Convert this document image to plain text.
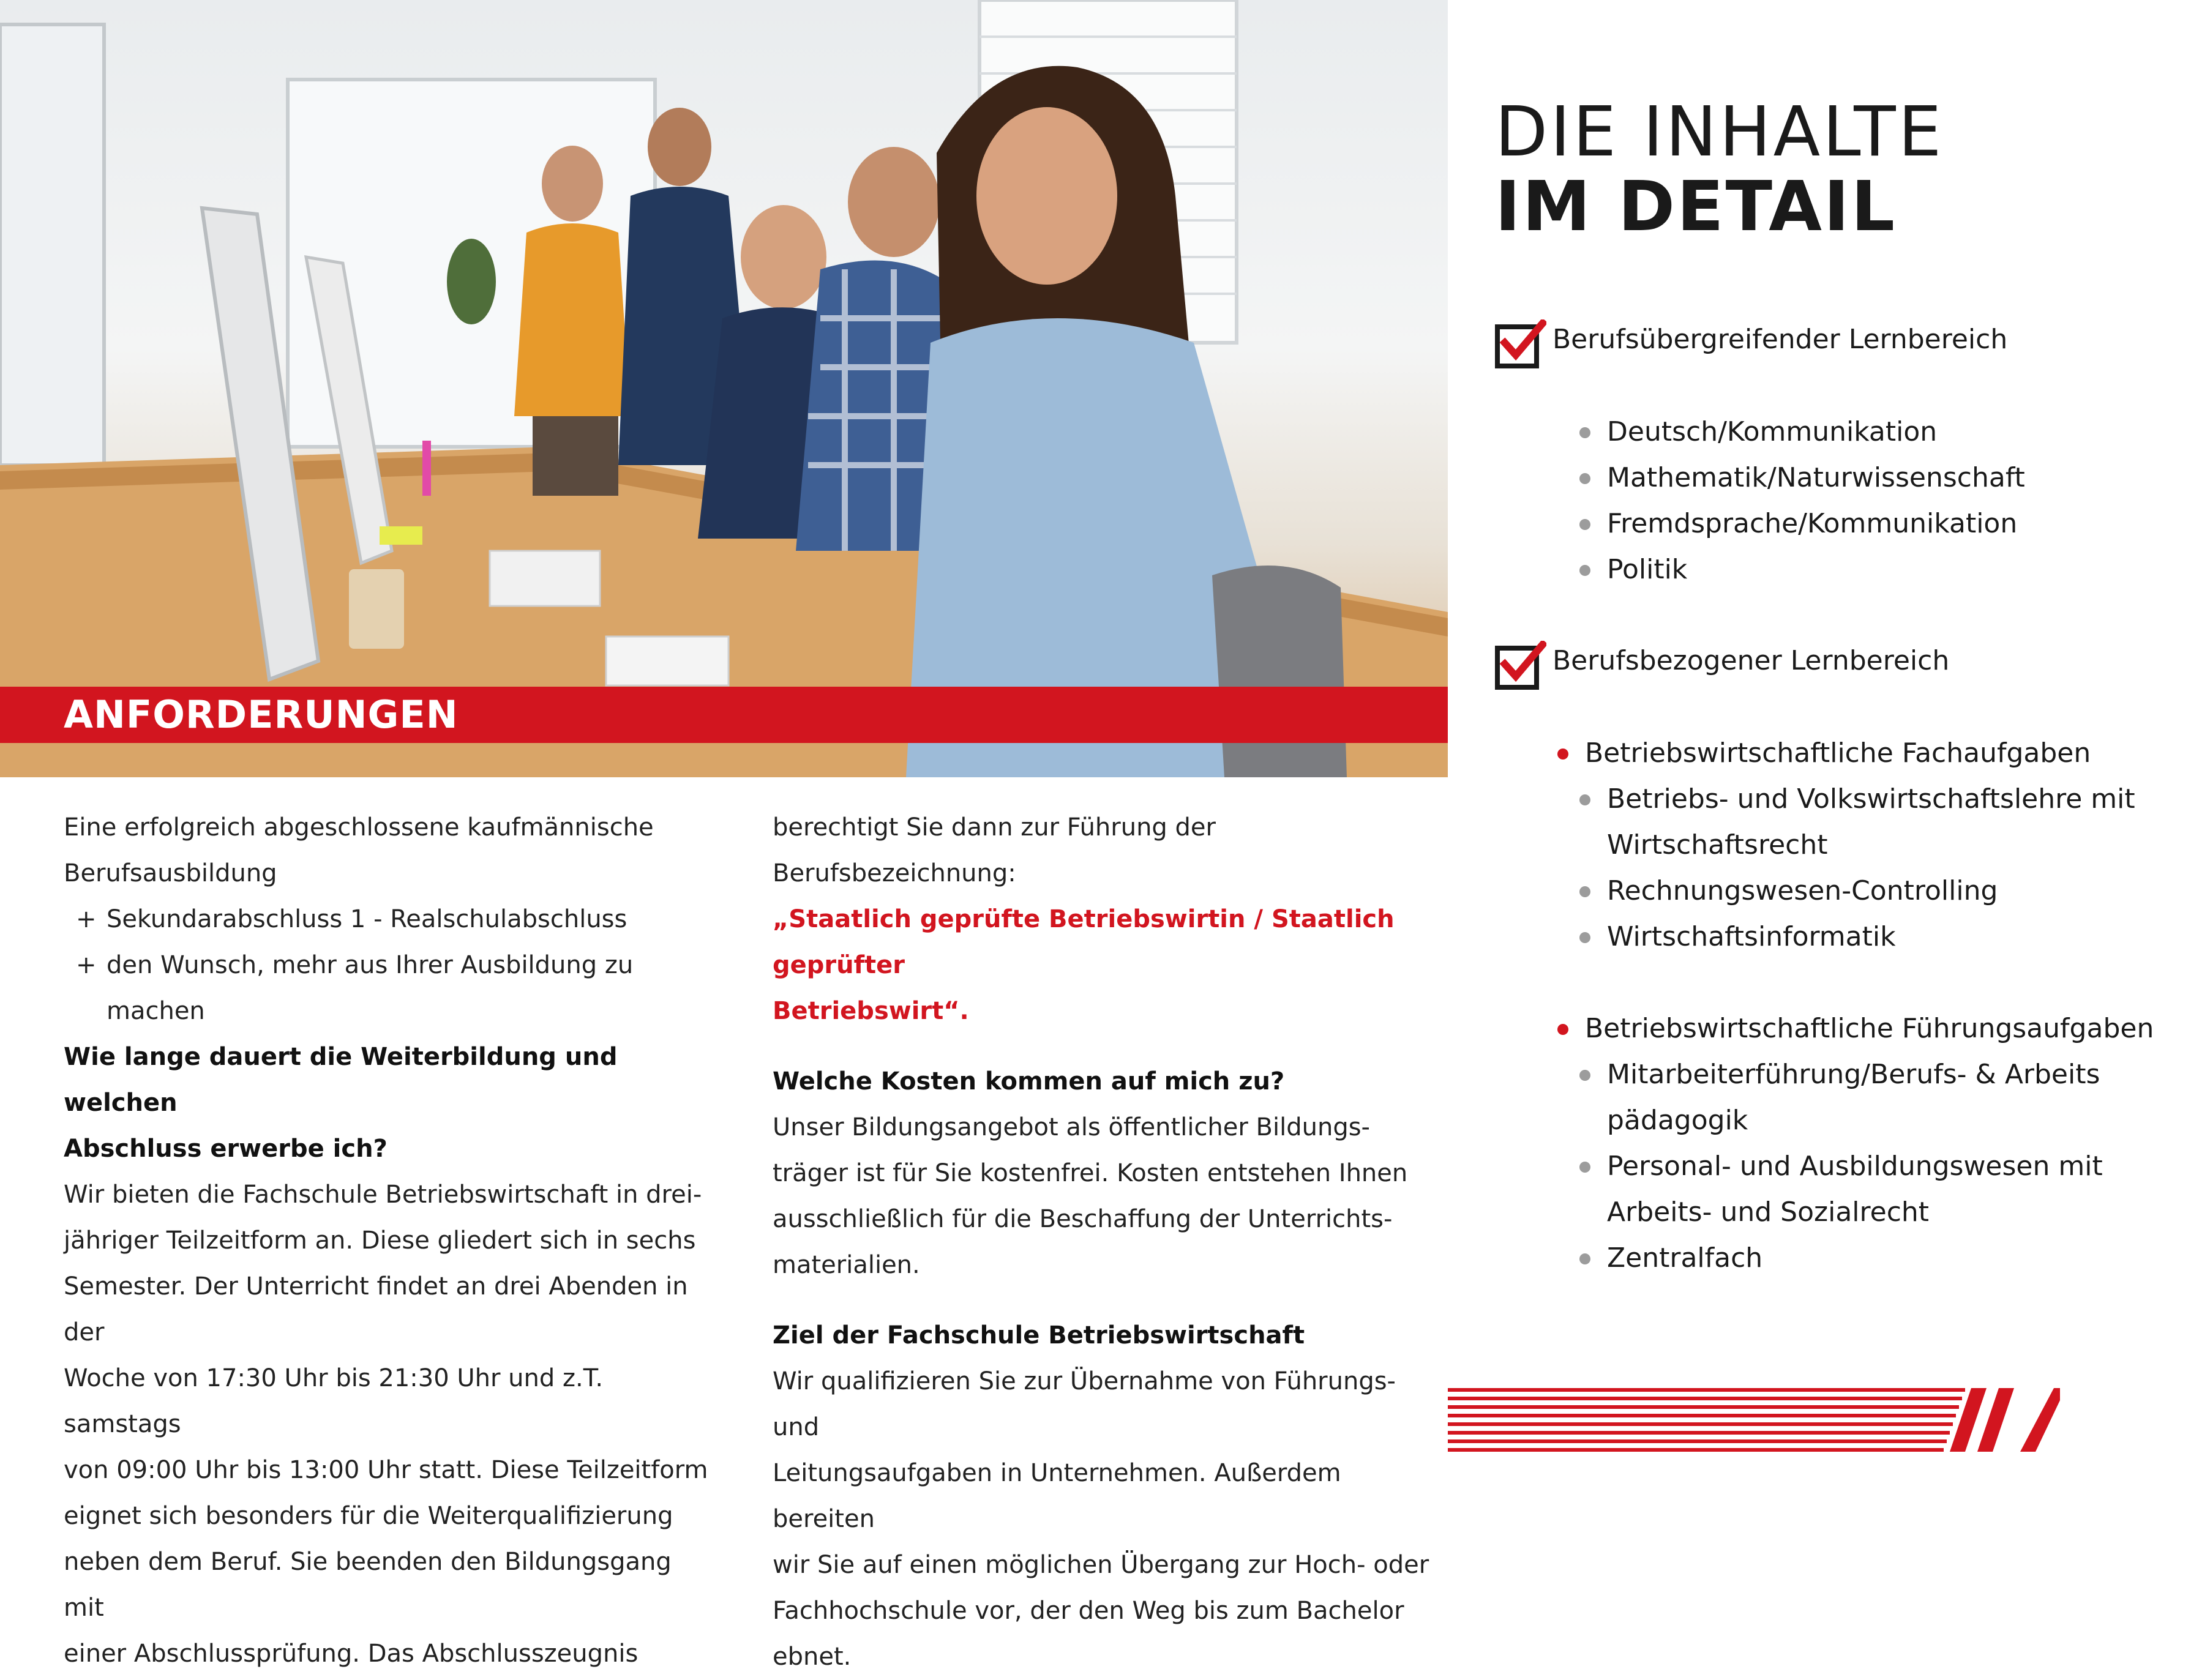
ANFORDERUNGEN

Eine erfolgreich abgeschlossene kaufmännische

Berufsausbildung

+ Sekundarabschluss 1 - Realschulabschluss

+ den Wunsch, mehr aus Ihrer Ausbildung zu

machen

Wie lange dauert die Weiterbildung und welchen

Abschluss erwerbe ich?

Wir bieten die Fachschule Betriebswirtschaft in drei-

jähriger Teilzeitform an. Diese gliedert sich in sechs

Semester. Der Unterricht findet an drei Abenden in der

Woche von 17:30 Uhr bis 21:30 Uhr und z.T. samstags

von 09:00 Uhr bis 13:00 Uhr statt. Diese Teilzeitform

eignet sich besonders für die Weiterqualifizierung

neben dem Beruf. Sie beenden den Bildungsgang mit

einer Abschlussprüfung. Das Abschlusszeugnis

berechtigt Sie dann zur Führung der Berufsbezeichnung:

„Staatlich geprüfte Betriebswirtin / Staatlich geprüfter

Betriebswirt“.

Welche Kosten kommen auf mich zu?

Unser Bildungsangebot als öffentlicher Bildungs-

träger ist für Sie kostenfrei. Kosten entstehen Ihnen

ausschließlich für die Beschaffung der Unterrichts-

materialien.

Ziel der Fachschule Betriebswirtschaft

Wir qualifizieren Sie zur Übernahme von Führungs- und

Leitungsaufgaben in Unternehmen. Außerdem bereiten

wir Sie auf einen möglichen Übergang zur Hoch- oder

Fachhochschule vor, der den Weg bis zum Bachelor

ebnet.

DIE INHALTE
IM DETAIL
Berufsübergreifender Lernbereich
Deutsch/Kommunikation
Mathematik/Naturwissenschaft
Fremdsprache/Kommunikation
Politik
Berufsbezogener Lernbereich
Betriebswirtschaftliche Fachaufgaben
Betriebs- und Volkswirtschaftslehre mit
Wirtschaftsrecht
Rechnungswesen-Controlling
Wirtschaftsinformatik
Betriebswirtschaftliche Führungsaufgaben
Mitarbeiterführung/Berufs- & Arbeits
pädagogik
Personal- und Ausbildungswesen mit
Arbeits- und Sozialrecht
Zentralfach
